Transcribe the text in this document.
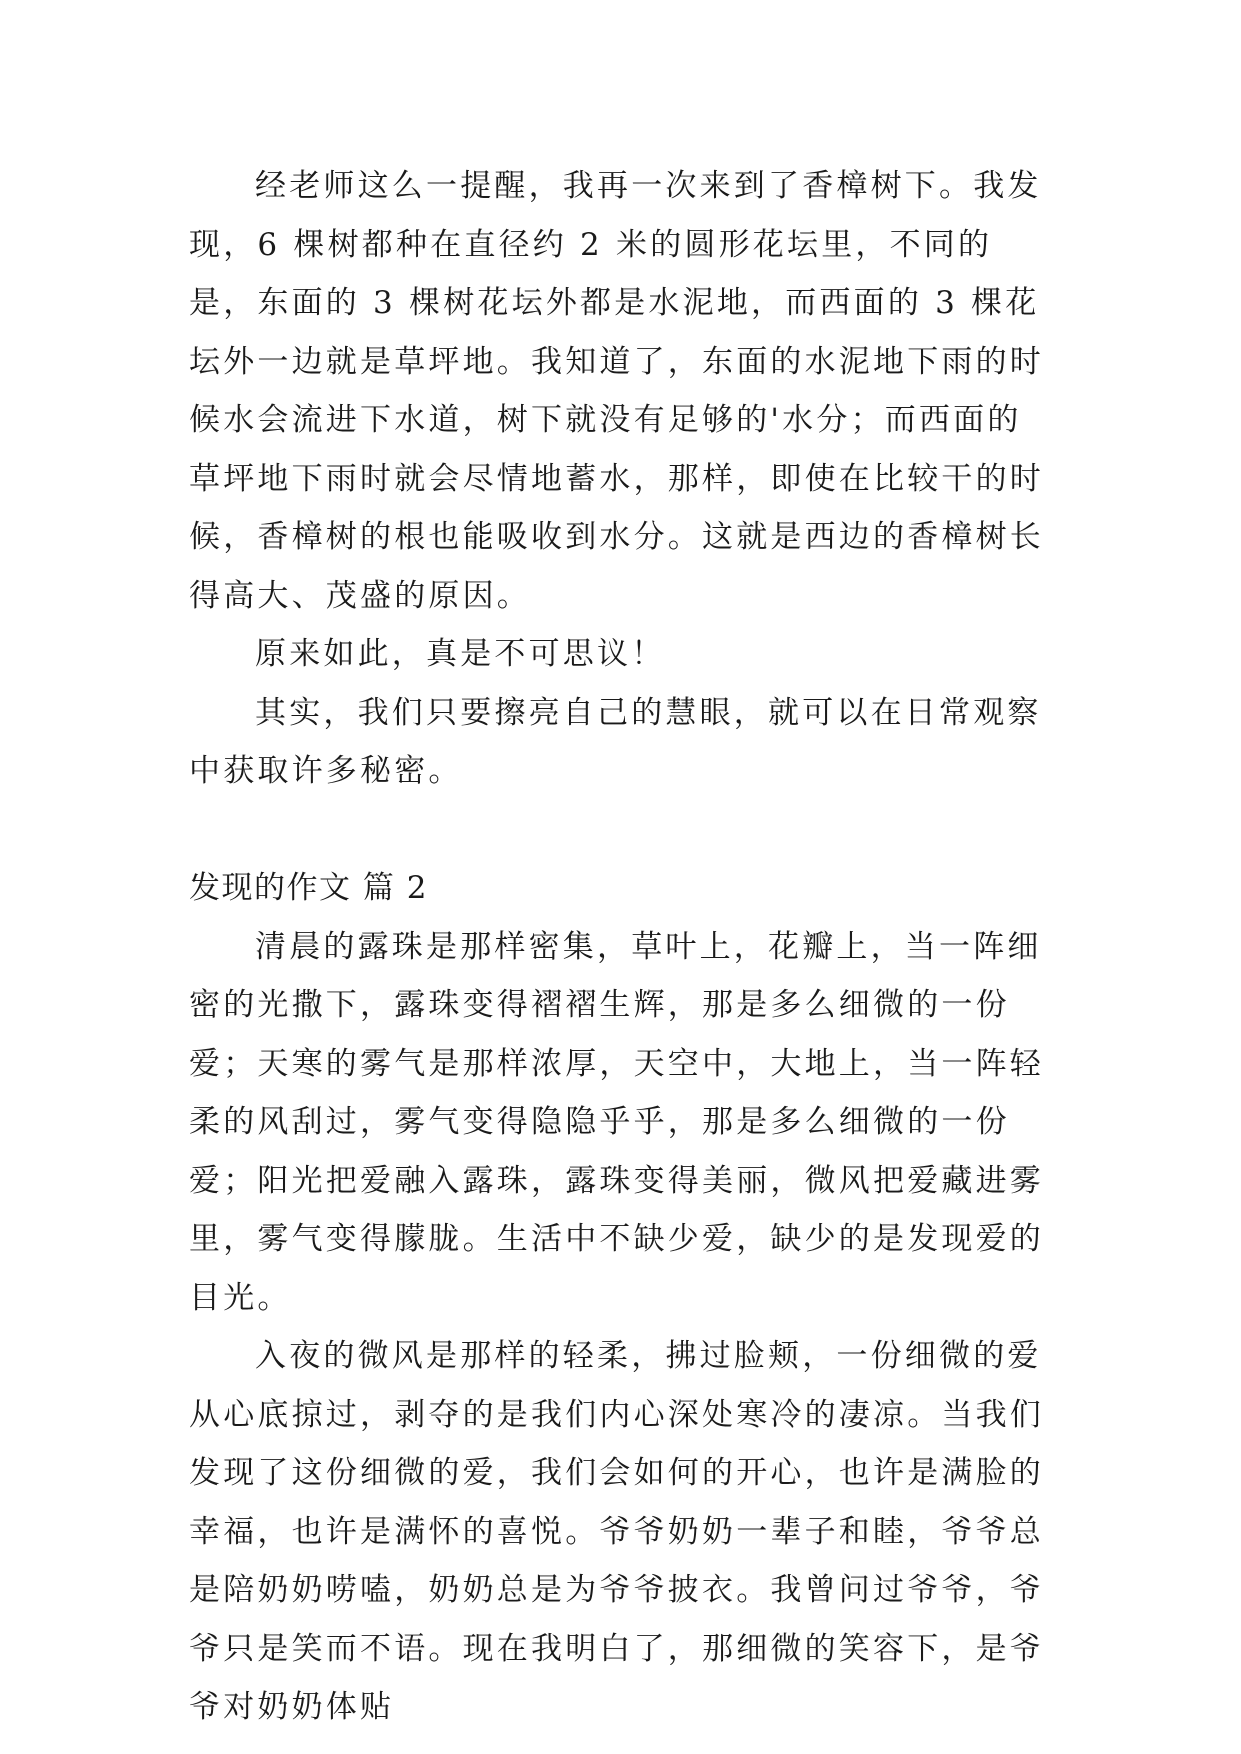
经老师这么一提醒，我再一次来到了香樟树下。我发现，6 棵树都种在直径约 2 米的圆形花坛里，不同的是，东面的 3 棵树花坛外都是水泥地，而西面的 3 棵花坛外一边就是草坪地。我知道了，东面的水泥地下雨的时候水会流进下水道，树下就没有足够的'水分；而西面的草坪地下雨时就会尽情地蓄水，那样，即使在比较干的时候，香樟树的根也能吸收到水分。这就是西边的香樟树长得高大、茂盛的原因。

原来如此，真是不可思议！

其实，我们只要擦亮自己的慧眼，就可以在日常观察中获取许多秘密。

发现的作文 篇 2

清晨的露珠是那样密集，草叶上，花瓣上，当一阵细密的光撒下，露珠变得褶褶生辉，那是多么细微的一份爱；天寒的雾气是那样浓厚，天空中，大地上，当一阵轻柔的风刮过，雾气变得隐隐乎乎，那是多么细微的一份爱；阳光把爱融入露珠，露珠变得美丽，微风把爱藏进雾里，雾气变得朦胧。生活中不缺少爱，缺少的是发现爱的目光。

入夜的微风是那样的轻柔，拂过脸颊，一份细微的爱从心底掠过，剥夺的是我们内心深处寒冷的凄凉。当我们发现了这份细微的爱，我们会如何的开心，也许是满脸的幸福，也许是满怀的喜悦。爷爷奶奶一辈子和睦，爷爷总是陪奶奶唠嗑，奶奶总是为爷爷披衣。我曾问过爷爷，爷爷只是笑而不语。现在我明白了，那细微的笑容下，是爷爷对奶奶体贴
